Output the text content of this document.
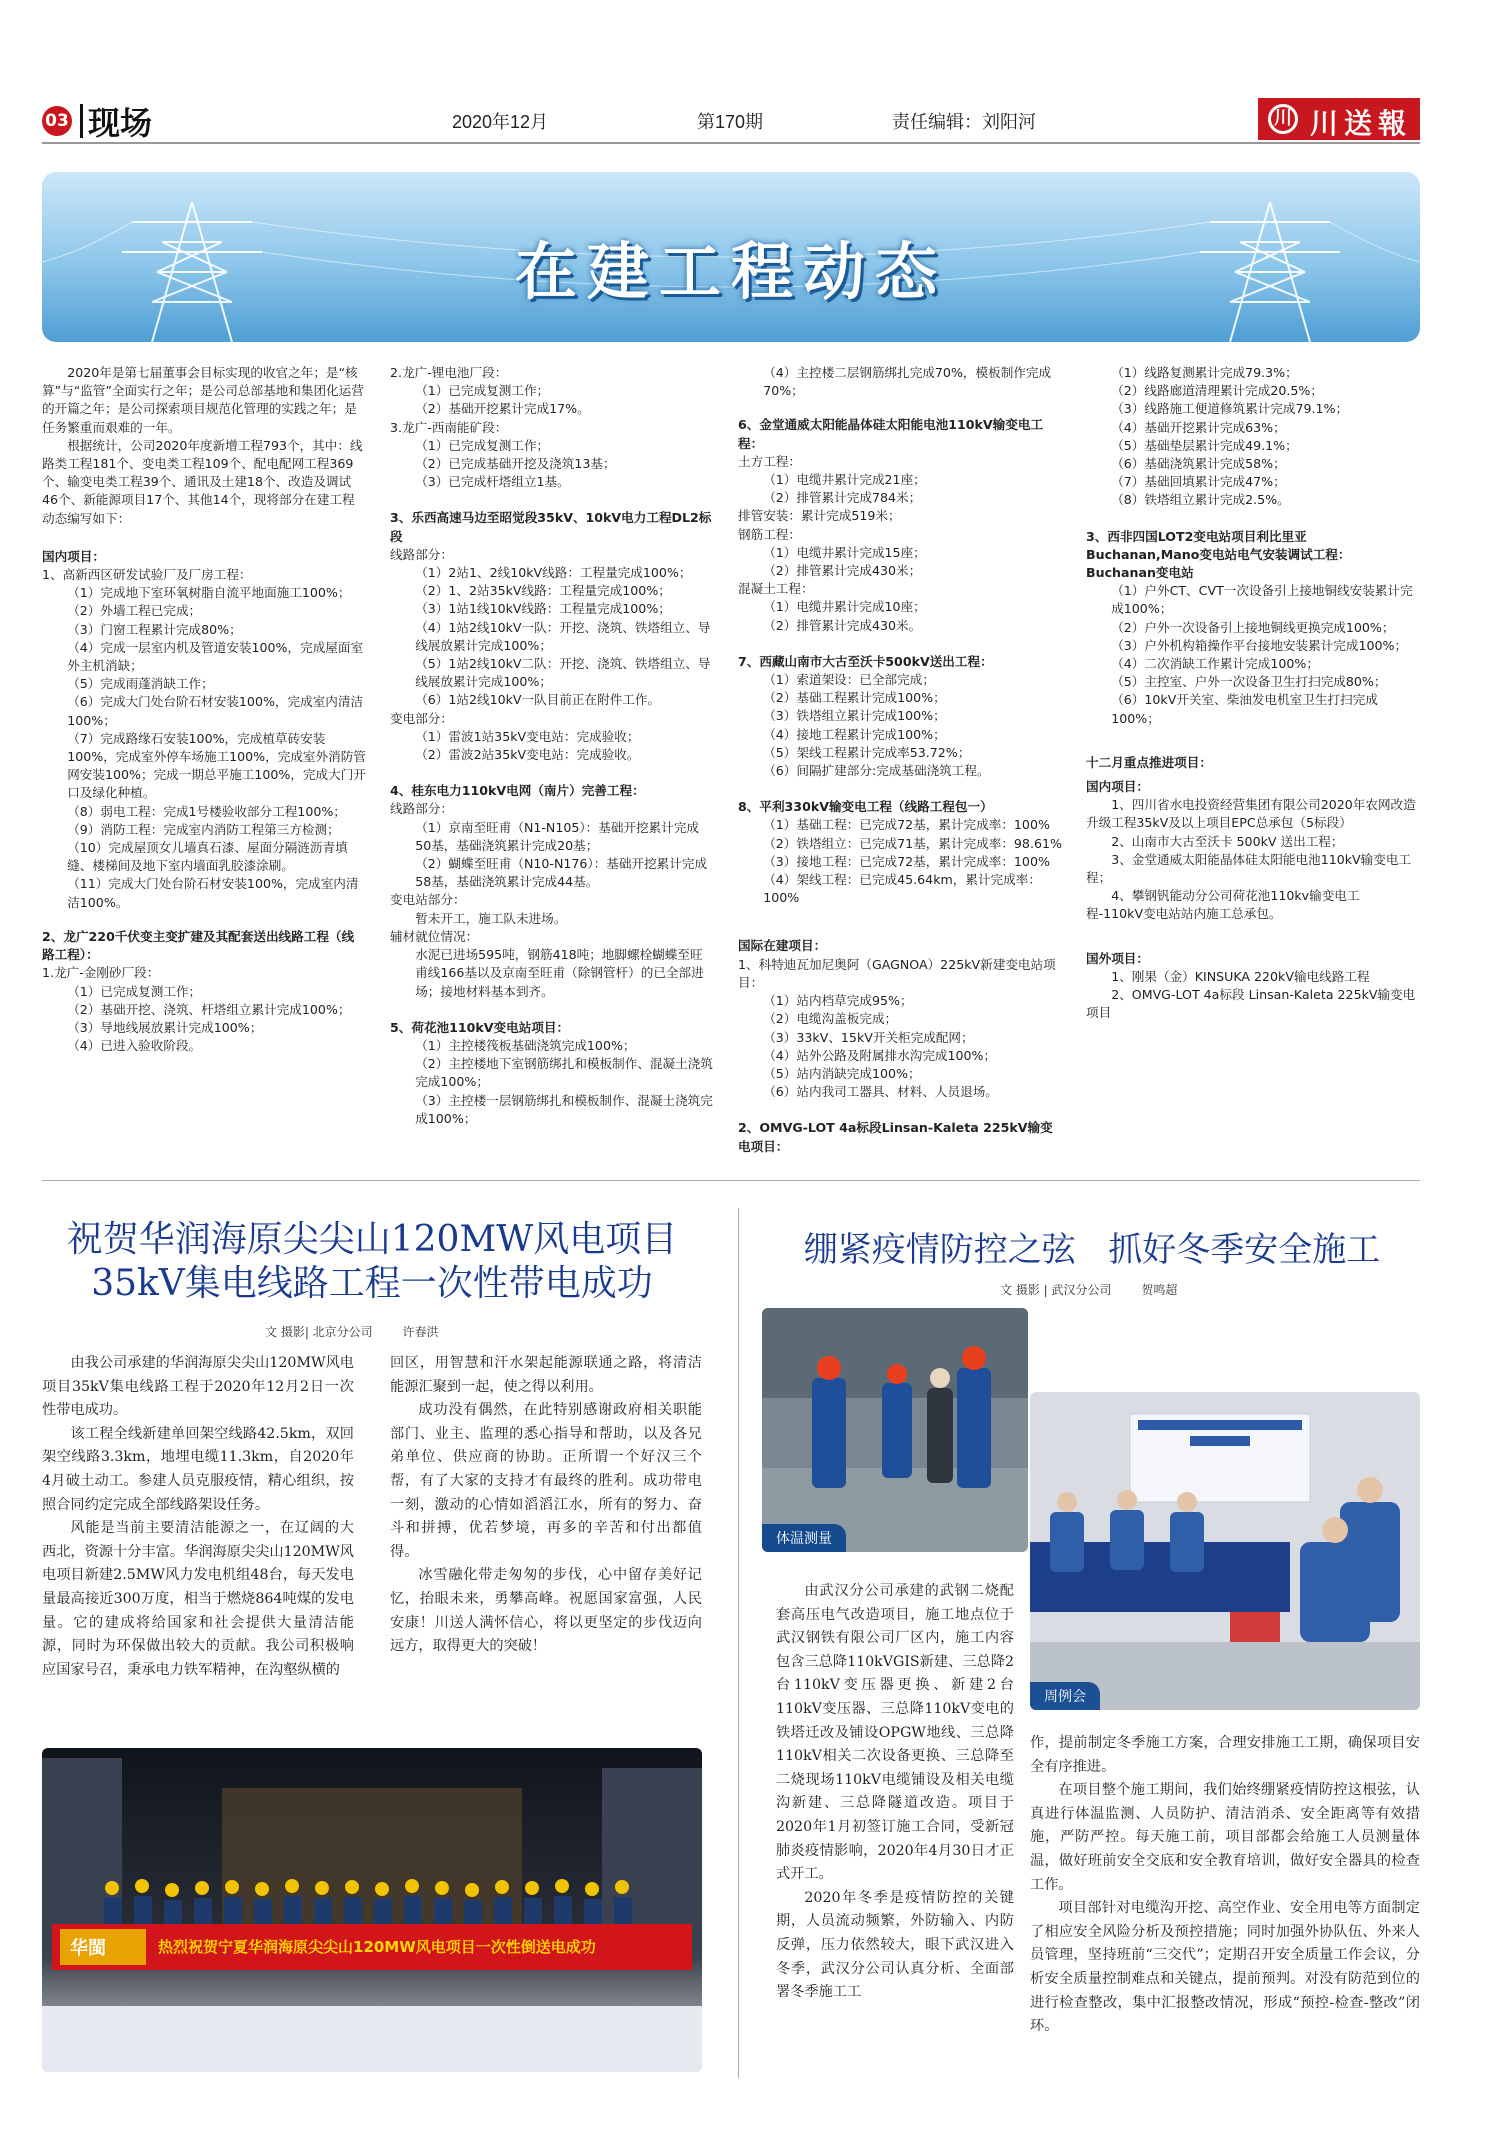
03 现场	2020年12月	第170期	责任编辑：刘阳河	川 川送報
在建工程动态

2020年是第七届董事会目标实现的收官之年；是“核算”与“监管”全面实行之年；是公司总部基地和集团化运营的开篇之年；是公司探索项目规范化管理的实践之年；是任务繁重而艰难的一年。

根据统计，公司2020年度新增工程793个，其中：线路类工程181个、变电类工程109个、配电配网工程369个、输变电类工程39个、通讯及土建18个、改造及调试46个、新能源项目17个、其他14个，现将部分在建工程动态编写如下：

国内项目：

1、高新西区研发试验厂及厂房工程：

（1）完成地下室环氧树脂自流平地面施工100%；

（2）外墙工程已完成；

（3）门窗工程累计完成80%；

（4）完成一层室内机及管道安装100%，完成屋面室外主机消缺；

（5）完成雨蓬消缺工作；

（6）完成大门处台阶石材安装100%，完成室内清洁100%；

（7）完成路缘石安装100%，完成植草砖安装100%，完成室外停车场施工100%，完成室外消防管网安装100%；完成一期总平施工100%，完成大门开口及绿化种植。

（8）弱电工程：完成1号楼验收部分工程100%；

（9）消防工程：完成室内消防工程第三方检测；

（10）完成屋顶女儿墙真石漆、屋面分隔涟沥青填缝、楼梯间及地下室内墙面乳胶漆涂刷。

（11）完成大门处台阶石材安装100%，完成室内清洁100%。

2、龙广220千伏变主变扩建及其配套送出线路工程（线路工程）：

1.龙广-金刚砂厂段：

（1）已完成复测工作；

（2）基础开挖、浇筑、杆塔组立累计完成100%；

（3）导地线展放累计完成100%；

（4）已进入验收阶段。

2.龙广-锂电池厂段：

（1）已完成复测工作；

（2）基础开挖累计完成17%。

3.龙广-西南能矿段：

（1）已完成复测工作；

（2）已完成基础开挖及浇筑13基；

（3）已完成杆塔组立1基。

3、乐西高速马边至昭觉段35kV、10kV电力工程DL2标段

线路部分：

（1）2站1、2线10kV线路：工程量完成100%；

（2）1、2站35kV线路：工程量完成100%；

（3）1站1线10kV线路：工程量完成100%；

（4）1站2线10kV一队：开挖、浇筑、铁塔组立、导线展放累计完成100%；

（5）1站2线10kV二队：开挖、浇筑、铁塔组立、导线展放累计完成100%；

（6）1站2线10kV一队目前正在附件工作。

变电部分：

（1）雷波1站35kV变电站：完成验收；

（2）雷波2站35kV变电站：完成验收。

4、桂东电力110kV电网（南片）完善工程：

线路部分：

（1）京南至旺甫（N1-N105）：基础开挖累计完成50基，基础浇筑累计完成20基；

（2）蝴蝶至旺甫（N10-N176）：基础开挖累计完成58基，基础浇筑累计完成44基。

变电站部分：

暂未开工，施工队未进场。

辅材就位情况：

水泥已进场595吨，钢筋418吨；地脚螺栓蝴蝶至旺甫线166基以及京南至旺甫（除钢管杆）的已全部进场；接地材料基本到齐。

5、荷花池110kV变电站项目：

（1）主控楼筏板基础浇筑完成100%；

（2）主控楼地下室钢筋绑扎和模板制作、混凝土浇筑完成100%；

（3）主控楼一层钢筋绑扎和模板制作、混凝土浇筑完成100%；

（4）主控楼二层钢筋绑扎完成70%，模板制作完成70%；

6、金堂通威太阳能晶体硅太阳能电池110kV输变电工程：

土方工程：

（1）电缆井累计完成21座；

（2）排管累计完成784米；

排管安装：累计完成519米；

钢筋工程：

（1）电缆井累计完成15座；

（2）排管累计完成430米；

混凝土工程：

（1）电缆井累计完成10座；

（2）排管累计完成430米。

7、西藏山南市大古至沃卡500kV送出工程：

（1）索道架设：已全部完成；

（2）基础工程累计完成100%；

（3）铁塔组立累计完成100%；

（4）接地工程累计完成100%；

（5）架线工程累计完成率53.72%；

（6）间隔扩建部分:完成基础浇筑工程。

8、平利330kV输变电工程（线路工程包一）

（1）基础工程：已完成72基，累计完成率：100%

（2）铁塔组立：已完成71基，累计完成率：98.61%

（3）接地工程：已完成72基，累计完成率：100%

（4）架线工程：已完成45.64km，累计完成率：100%

国际在建项目：

1、科特迪瓦加尼奥阿（GAGNOA）225kV新建变电站项目：

（1）站内档草完成95%；

（2）电缆沟盖板完成；

（3）33kV、15kV开关柜完成配网；

（4）站外公路及附属排水沟完成100%；

（5）站内消缺完成100%；

（6）站内我司工器具、材料、人员退场。

2、OMVG-LOT 4a标段Linsan-Kaleta 225kV输变电项目：

（1）线路复测累计完成79.3%；

（2）线路廊道清理累计完成20.5%；

（3）线路施工便道修筑累计完成79.1%；

（4）基础开挖累计完成63%；

（5）基础垫层累计完成49.1%；

（6）基础浇筑累计完成58%；

（7）基础回填累计完成47%；

（8）铁塔组立累计完成2.5%。

3、西非四国LOT2变电站项目利比里亚Buchanan,Mano变电站电气安装调试工程：

Buchanan变电站

（1）户外CT、CVT一次设备引上接地铜线安装累计完成100%；

（2）户外一次设备引上接地铜线更换完成100%；

（3）户外机构箱操作平台接地安装累计完成100%；

（4）二次消缺工作累计完成100%；

（5）主控室、户外一次设备卫生打扫完成80%；

（6）10kV开关室、柴油发电机室卫生打扫完成100%；

十二月重点推进项目：

国内项目：

1、四川省水电投资经营集团有限公司2020年农网改造升级工程35kV及以上项目EPC总承包（5标段）

2、山南市大古至沃卡 500kV 送出工程；

3、金堂通威太阳能晶体硅太阳能电池110kV输变电工程；

4、攀钢钒能动分公司荷花池110kv输变电工程-110kV变电站站内施工总承包。

国外项目：

1、刚果（金）KINSUKA 220kV输电线路工程

2、OMVG-LOT 4a标段 Linsan-Kaleta 225kV输变电项目

祝贺华润海原尖尖山120MW风电项目
35kV集电线路工程一次性带电成功
文 摄影| 北京分公司 许春洪

由我公司承建的华润海原尖尖山120MW风电项目35kV集电线路工程于2020年12月2日一次性带电成功。

该工程全线新建单回架空线路42.5km，双回架空线路3.3km，地埋电缆11.3km，自2020年4月破土动工。参建人员克服疫情，精心组织，按照合同约定完成全部线路架设任务。

风能是当前主要清洁能源之一，在辽阔的大西北，资源十分丰富。华润海原尖尖山120MW风电项目新建2.5MW风力发电机组48台，每天发电量最高接近300万度，相当于燃烧864吨煤的发电量。它的建成将给国家和社会提供大量清洁能源，同时为环保做出较大的贡献。我公司积极响应国家号召，秉承电力铁军精神，在沟壑纵横的

回区，用智慧和汗水架起能源联通之路，将清洁能源汇聚到一起，使之得以利用。

成功没有偶然，在此特别感谢政府相关职能部门、业主、监理的悉心指导和帮助，以及各兄弟单位、供应商的协助。正所谓一个好汉三个帮，有了大家的支持才有最终的胜利。成功带电一刻，激动的心情如滔滔江水，所有的努力、奋斗和拼搏，优若梦境，再多的辛苦和付出都值得。

冰雪融化带走匆匆的步伐，心中留存美好记忆，抬眼未来，勇攀高峰。祝愿国家富强，人民安康！川送人满怀信心，将以更坚定的步伐迈向远方，取得更大的突破！

华閩	热烈祝贺宁夏华润海原尖尖山120MW风电项目一次性倒送电成功
绷紧疫情防控之弦   抓好冬季安全施工
文 摄影 | 武汉分公司 贺鸣超
体温测量
周例会

由武汉分公司承建的武钢二烧配套高压电气改造项目，施工地点位于武汉钢铁有限公司厂区内，施工内容包含三总降110kVGIS新建、三总降2台110kV变压器更换、新建2台110kV变压器、三总降110kV变电的铁塔迁改及铺设OPGW地线、三总降110kV相关二次设备更换、三总降至二烧现场110kV电缆铺设及相关电缆沟新建、三总降隧道改造。项目于2020年1月初签订施工合同，受新冠肺炎疫情影响，2020年4月30日才正式开工。

2020年冬季是疫情防控的关键期，人员流动频繁，外防输入、内防反弹，压力依然较大，眼下武汉进入冬季，武汉分公司认真分析、全面部署冬季施工工

作，提前制定冬季施工方案，合理安排施工工期，确保项目安全有序推进。

在项目整个施工期间，我们始终绷紧疫情防控这根弦，认真进行体温监测、人员防护、清洁消杀、安全距离等有效措施，严防严控。每天施工前，项目部都会给施工人员测量体温，做好班前安全交底和安全教育培训，做好安全器具的检查工作。

项目部针对电缆沟开挖、高空作业、安全用电等方面制定了相应安全风险分析及预控措施；同时加强外协队伍、外来人员管理，坚持班前“三交代”；定期召开安全质量工作会议，分析安全质量控制难点和关键点，提前预判。对没有防范到位的进行检查整改，集中汇报整改情况，形成“预控-检查-整改”闭环。
